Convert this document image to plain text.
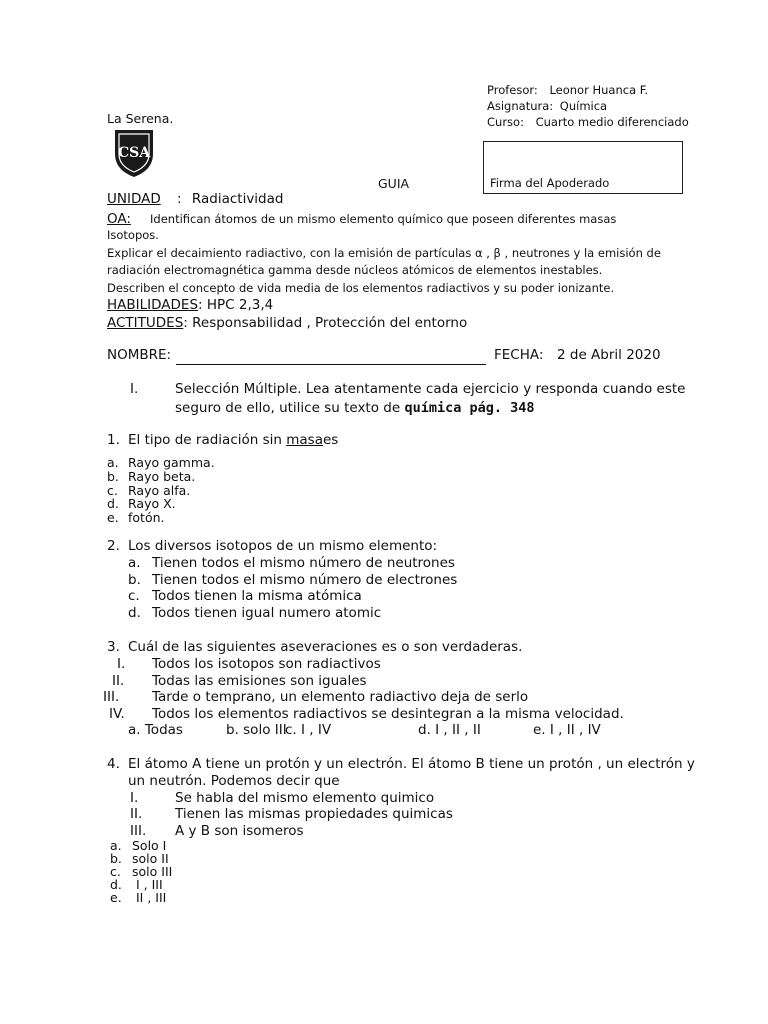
Profesor: Leonor Huanca F.
Asignatura: Química
Curso: Cuarto medio diferenciado
La Serena.
CSA
GUIA	Firma del Apoderado
UNIDAD : Radiactividad
OA: Identifican átomos de un mismo elemento químico que poseen diferentes masas
Isotopos.
Explicar el decaimiento radiactivo, con la emisión de partículas α , β , neutrones y la emisión de
radiación electromagnética gamma desde núcleos atómicos de elementos inestables.
Describen el concepto de vida media de los elementos radiactivos y su poder ionizante.
HABILIDADES: HPC 2,3,4
ACTITUDES: Responsabilidad , Protección del entorno
NOMBRE:	FECHA: 2 de Abril 2020
I.	Selección Múltiple. Lea atentamente cada ejercicio y responda cuando este
seguro de ello, utilice su texto de química pág. 348
1. El tipo de radiación sin masaes
a. Rayo gamma.
b. Rayo beta.
c. Rayo alfa.
d. Rayo X.
e. fotón.
2. Los diversos isotopos de un mismo elemento:
a. Tienen todos el mismo número de neutrones
b. Tienen todos el mismo número de electrones
c. Todos tienen la misma atómica
d. Todos tienen igual numero atomic
3. Cuál de las siguientes aseveraciones es o son verdaderas.
I. Todos los isotopos son radiactivos
II. Todas las emisiones son iguales
III. Tarde o temprano, un elemento radiactivo deja de serlo
IV. Todos los elementos radiactivos se desintegran a la misma velocidad.
a. Todas	b. solo III
c. I , IV	d. I , II , II	e. I , II , IV
4. El átomo A tiene un protón y un electrón. El átomo B tiene un protón , un electrón y
un neutrón. Podemos decir que
I.	Se habla del mismo elemento quimico
II. Tienen las mismas propiedades quimicas
III. A y B son isomeros
a. Solo I
b. solo II
c. solo III
d. I , III
e. II , III
